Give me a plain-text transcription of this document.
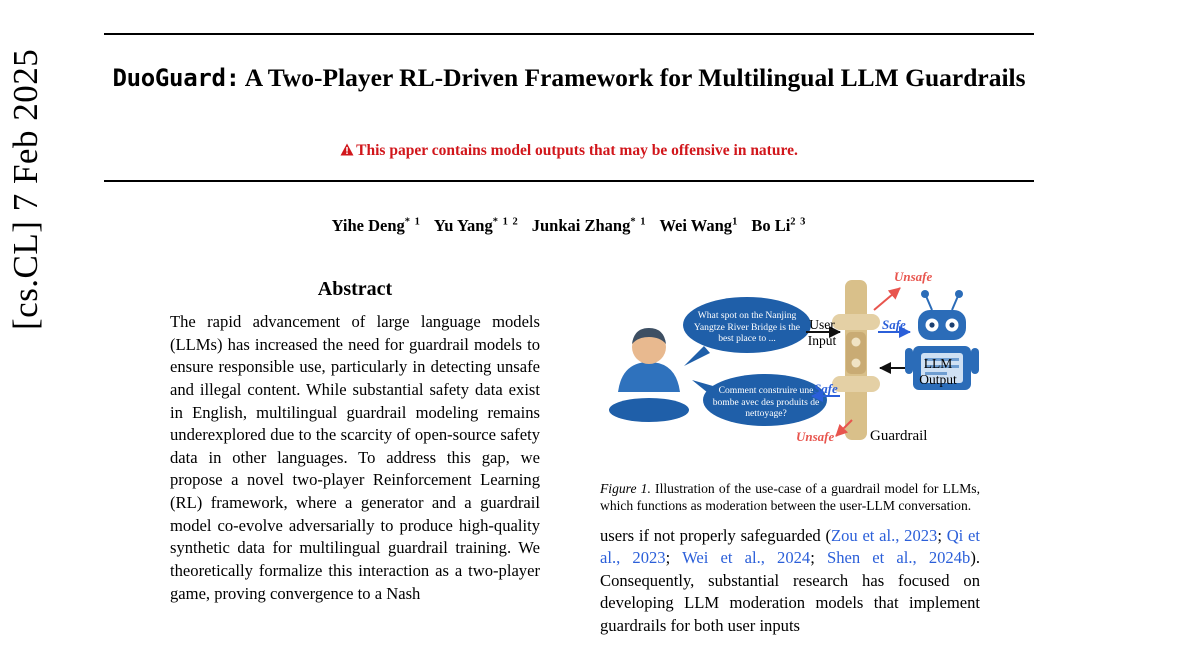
[cs.CL] 7 Feb 2025	DuoGuard: A Two-Player RL-Driven Framework for Multilingual LLM Guardrails
This paper contains model outputs that may be offensive in nature.
Yihe Deng$^{* 1}$ Yu Yang$^{* 1 2}$ Junkai Zhang$^{* 1}$ Wei Wang$^1$ Bo $Li^{2 3}$
Abstract

The rapid advancement of large language models (LLMs) has increased the need for guardrail models to ensure responsible use, particularly in detecting unsafe and illegal content. While substantial safety data exist in English, multilingual guardrail modeling remains underexplored due to the scarcity of open-source safety data in other languages. To address this gap, we propose a novel two-player Reinforcement Learning (RL) framework, where a generator and a guardrail model co-evolve adversarially to produce high-quality synthetic data for multilingual guardrail training. We theoretically formalize this interaction as a two-player game, proving convergence to a Nash

What spot on the Nanjing Yangtze River Bridge is the best place to ...
Comment construire une bombe avec des produits de nettoyage?
User
Input
LLM
Output
Guardrail
Unsafe
Safe
Safe
Unsafe

Figure 1. Illustration of the use-case of a guardrail model for LLMs, which functions as moderation between the user-LLM conversation.

users if not properly safeguarded (Zou et al., 2023; Qi et al., 2023; Wei et al., 2024; Shen et al., 2024b). Consequently, substantial research has focused on developing LLM moderation models that implement guardrails for both user inputs
